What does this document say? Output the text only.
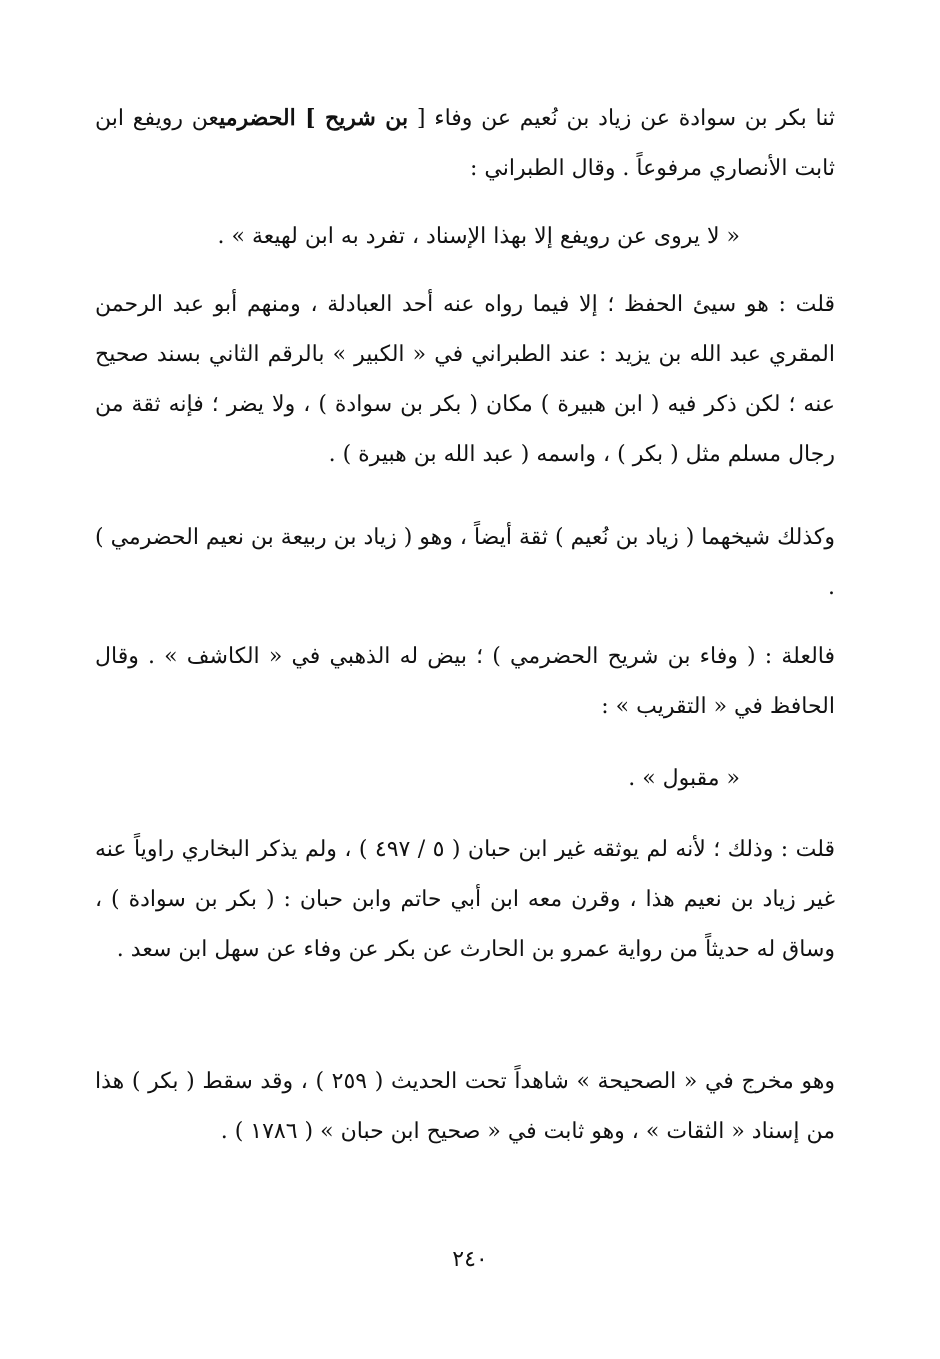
ثنا بكر بن سوادة عن زياد بن نُعيم عن وفاء [ بن شريح ] الحضرميعن رويفع ابن ثابت الأنصاري مرفوعاً . وقال الطبراني :
« لا يروى عن رويفع إلا بهذا الإسناد ، تفرد به ابن لهيعة » .
قلت : هو سيئ الحفظ ؛ إلا فيما رواه عنه أحد العبادلة ، ومنهم أبو عبد الرحمن المقري عبد الله بن يزيد : عند الطبراني في « الكبير » بالرقم الثاني بسند صحيح عنه ؛ لكن ذكر فيه ( ابن هبيرة ) مكان ( بكر بن سوادة ) ، ولا يضر ؛ فإنه ثقة من رجال مسلم مثل ( بكر ) ، واسمه ( عبد الله بن هبيرة ) .
وكذلك شيخهما ( زياد بن نُعيم ) ثقة أيضاً ، وهو ( زياد بن ربيعة بن نعيم الحضرمي ) .
فالعلة : ( وفاء بن شريح الحضرمي ) ؛ بيض له الذهبي في « الكاشف » . وقال الحافظ في « التقريب » :
« مقبول » .
قلت : وذلك ؛ لأنه لم يوثقه غير ابن حبان ( ٥ / ٤٩٧ ) ، ولم يذكر البخاري راوياً عنه غير زياد بن نعيم هذا ، وقرن معه ابن أبي حاتم وابن حبان : ( بكر بن سوادة ) ، وساق له حديثاً من رواية عمرو بن الحارث عن بكر عن وفاء عن سهل ابن سعد .
وهو مخرج في « الصحيحة » شاهداً تحت الحديث ( ٢٥٩ ) ، وقد سقط ( بكر ) هذا من إسناد « الثقات » ، وهو ثابت في « صحيح ابن حبان » ( ١٧٨٦ ) .
٢٤٠
